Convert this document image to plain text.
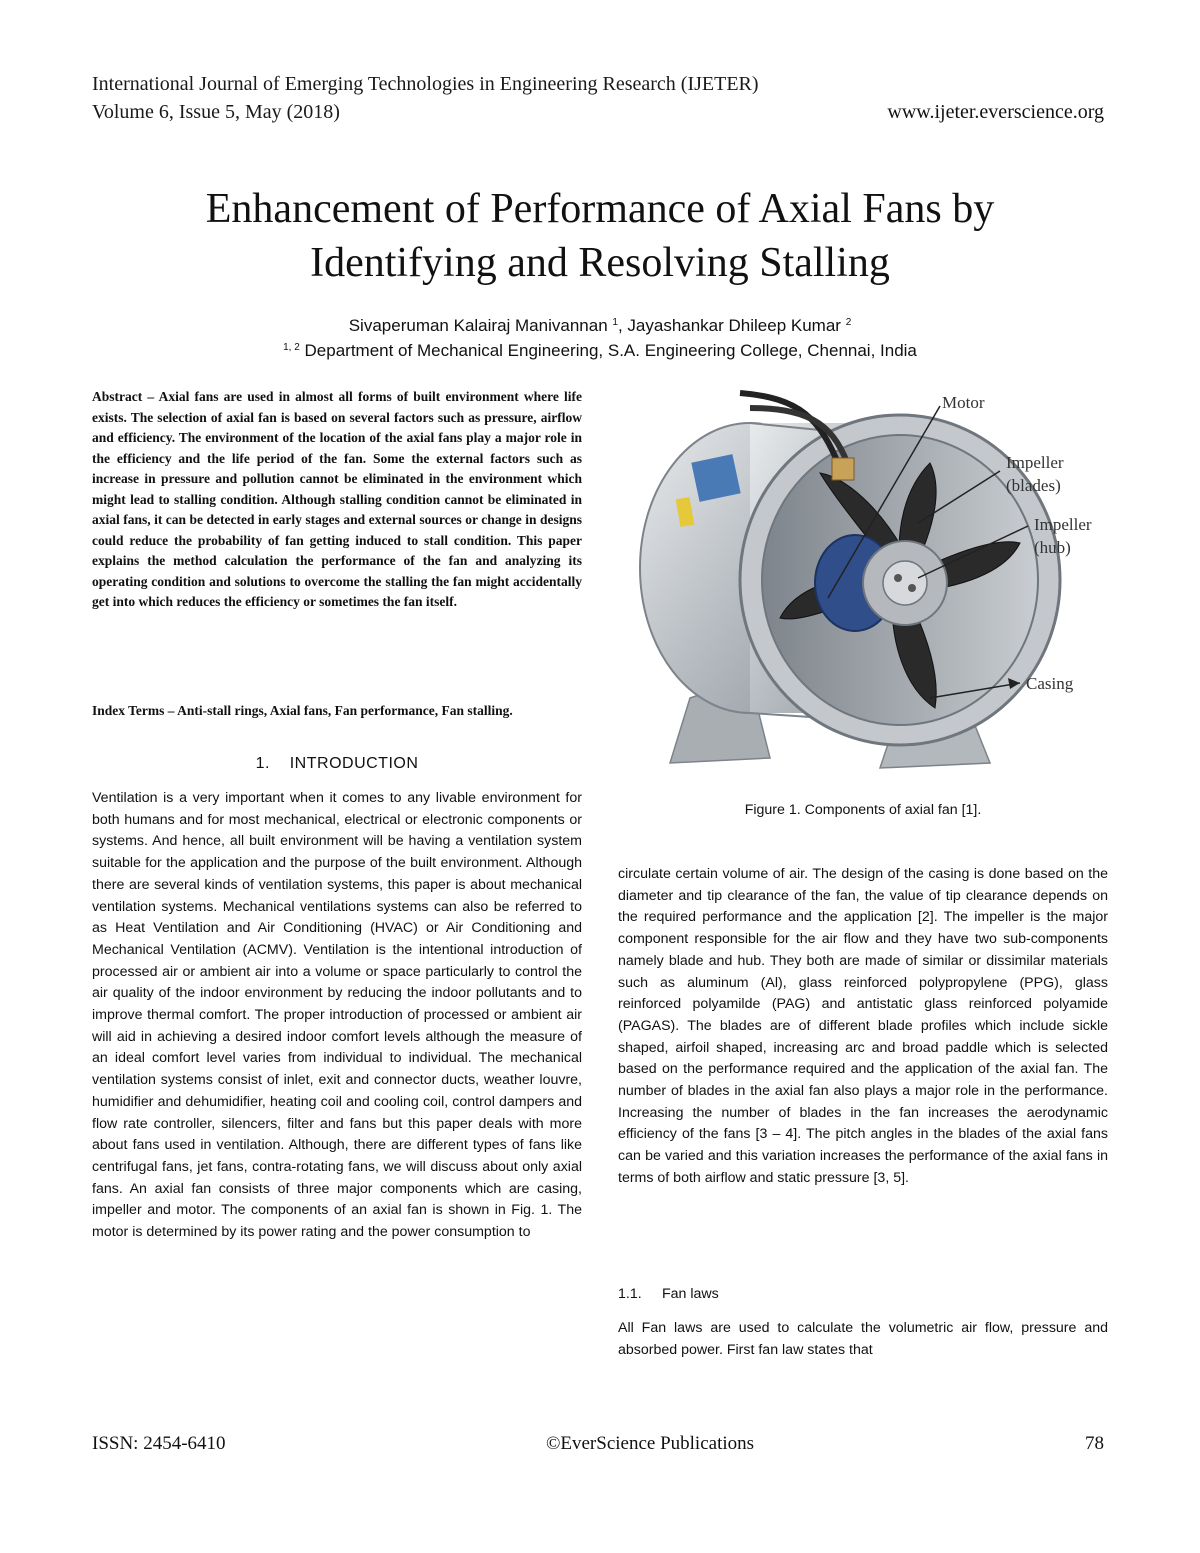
International Journal of Emerging Technologies in Engineering Research (IJETER)
Volume 6, Issue 5, May (2018)	www.ijeter.everscience.org
Enhancement of Performance of Axial Fans by
Identifying and Resolving Stalling
Sivaperuman Kalairaj Manivannan $^1$, Jayashankar Dhileep Kumar $^2$
$^{1, 2}$ Department of Mechanical Engineering, S.A. Engineering College, Chennai, India
Abstract – Axial fans are used in almost all forms of built environment where life exists. The selection of axial fan is based on several factors such as pressure, airflow and efficiency. The environment of the location of the axial fans play a major role in the efficiency and the life period of the fan. Some the external factors such as increase in pressure and pollution cannot be eliminated in the environment which might lead to stalling condition. Although stalling condition cannot be eliminated in axial fans, it can be detected in early stages and external sources or change in designs could reduce the probability of fan getting induced to stall condition. This paper explains the method calculation the performance of the fan and analyzing its operating condition and solutions to overcome the stalling the fan might accidentally get into which reduces the efficiency or sometimes the fan itself.
Index Terms – Anti-stall rings, Axial fans, Fan performance, Fan stalling.
1.    INTRODUCTION
Ventilation is a very important when it comes to any livable environment for both humans and for most mechanical, electrical or electronic components or systems. And hence, all built environment will be having a ventilation system suitable for the application and the purpose of the built environment. Although there are several kinds of ventilation systems, this paper is about mechanical ventilation systems. Mechanical ventilations systems can also be referred to as Heat Ventilation and Air Conditioning (HVAC) or Air Conditioning and Mechanical Ventilation (ACMV). Ventilation is the intentional introduction of processed air or ambient air into a volume or space particularly to control the air quality of the indoor environment by reducing the indoor pollutants and to improve thermal comfort. The proper introduction of processed or ambient air will aid in achieving a desired indoor comfort levels although the measure of an ideal comfort level varies from individual to individual. The mechanical ventilation systems consist of inlet, exit and connector ducts, weather louvre, humidifier and dehumidifier, heating coil and cooling coil, control dampers and flow rate controller, silencers, filter and fans but this paper deals with more about fans used in ventilation. Although, there are different types of fans like centrifugal fans, jet fans, contra-rotating fans, we will discuss about only axial fans. An axial fan consists of three major components which are casing, impeller and motor. The components of an axial fan is shown in Fig. 1. The motor is determined by its power rating and the power consumption to
Motor
Impeller
(blades)
Impeller
(hub)
Casing
Figure 1. Components of axial fan [1].
circulate certain volume of air. The design of the casing is done based on the diameter and tip clearance of the fan, the value of tip clearance depends on the required performance and the application [2]. The impeller is the major component responsible for the air flow and they have two sub-components namely blade and hub. They both are made of similar or dissimilar materials such as aluminum (Al), glass reinforced polypropylene (PPG), glass reinforced polyamilde (PAG) and antistatic glass reinforced polyamide (PAGAS). The blades are of different blade profiles which include sickle shaped, airfoil shaped, increasing arc and broad paddle which is selected based on the performance required and the application of the axial fan. The number of blades in the axial fan also plays a major role in the performance. Increasing the number of blades in the fan increases the aerodynamic efficiency of the fans [3 – 4]. The pitch angles in the blades of the axial fans can be varied and this variation increases the performance of the axial fans in terms of both airflow and static pressure [3, 5].
1.1. Fan laws
All Fan laws are used to calculate the volumetric air flow, pressure and absorbed power. First fan law states that
ISSN: 2454-6410	©EverScience Publications	78
